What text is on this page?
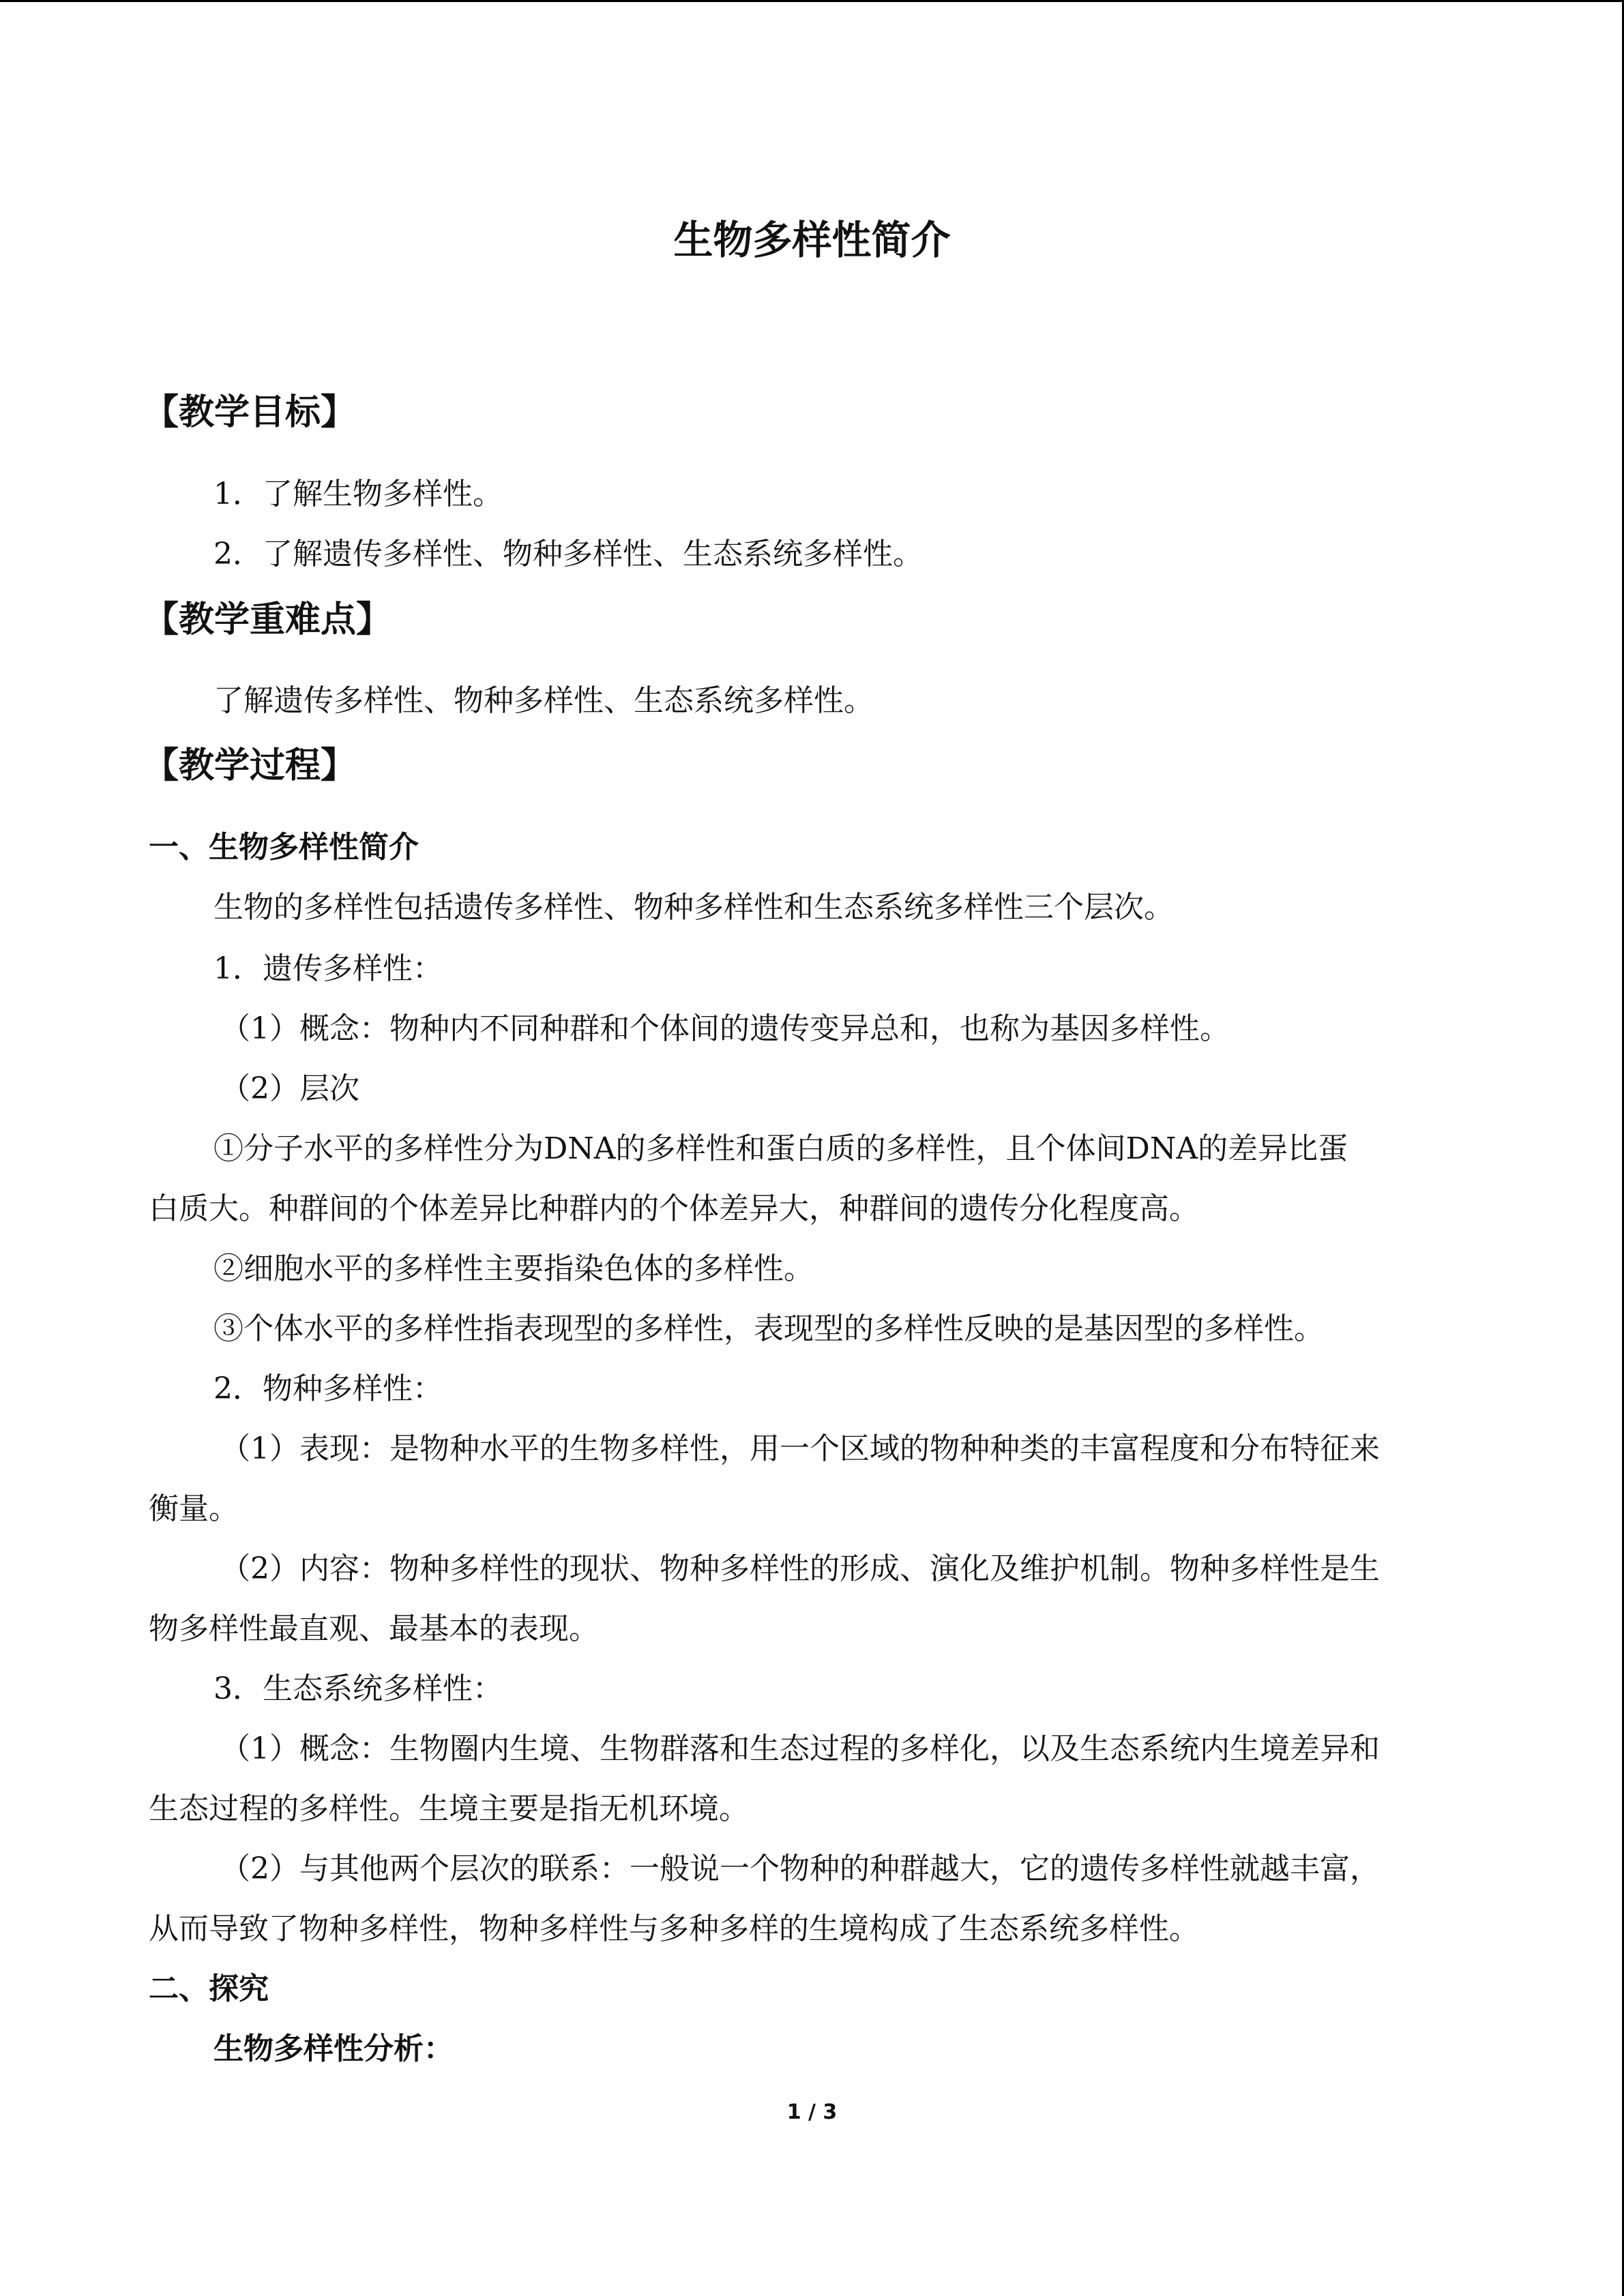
生物多样性简介
【教学目标】
1．了解生物多样性。
2．了解遗传多样性、物种多样性、生态系统多样性。
【教学重难点】
了解遗传多样性、物种多样性、生态系统多样性。
【教学过程】
一、生物多样性简介
生物的多样性包括遗传多样性、物种多样性和生态系统多样性三个层次。
1．遗传多样性：
（1）概念：物种内不同种群和个体间的遗传变异总和，也称为基因多样性。
（2）层次
①分子水平的多样性分为DNA的多样性和蛋白质的多样性，且个体间DNA的差异比蛋
白质大。种群间的个体差异比种群内的个体差异大，种群间的遗传分化程度高。
②细胞水平的多样性主要指染色体的多样性。
③个体水平的多样性指表现型的多样性，表现型的多样性反映的是基因型的多样性。
2．物种多样性：
（1）表现：是物种水平的生物多样性，用一个区域的物种种类的丰富程度和分布特征来
衡量。
（2）内容：物种多样性的现状、物种多样性的形成、演化及维护机制。物种多样性是生
物多样性最直观、最基本的表现。
3．生态系统多样性：
（1）概念：生物圈内生境、生物群落和生态过程的多样化，以及生态系统内生境差异和
生态过程的多样性。生境主要是指无机环境。
（2）与其他两个层次的联系：一般说一个物种的种群越大，它的遗传多样性就越丰富，
从而导致了物种多样性，物种多样性与多种多样的生境构成了生态系统多样性。
二、探究
生物多样性分析：
1 / 3
